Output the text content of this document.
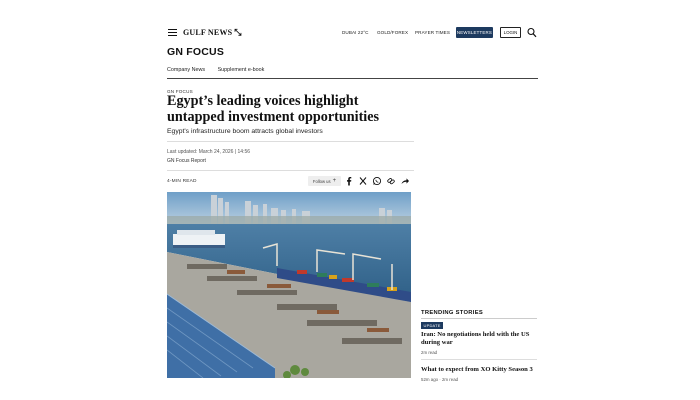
GULF NEWS ⤡	DUBAI 22°C GOLD/FOREX PRAYER TIMES NEWSLETTERS	LOGIN
GN FOCUS
Company News Supplement e-book
GN FOCUS
Egypt’s leading voices highlight untapped investment opportunities
Egypt's infrastructure boom attracts global investors
Last updated: March 24, 2026 | 14:56
GN Focus Report
4-MIN READ	Follow us +
TRENDING STORIES
UPDATE
Iran: No negotiations held with the US during war
2m read
What to expect from XO Kitty Season 3
52m ago · 2m read
